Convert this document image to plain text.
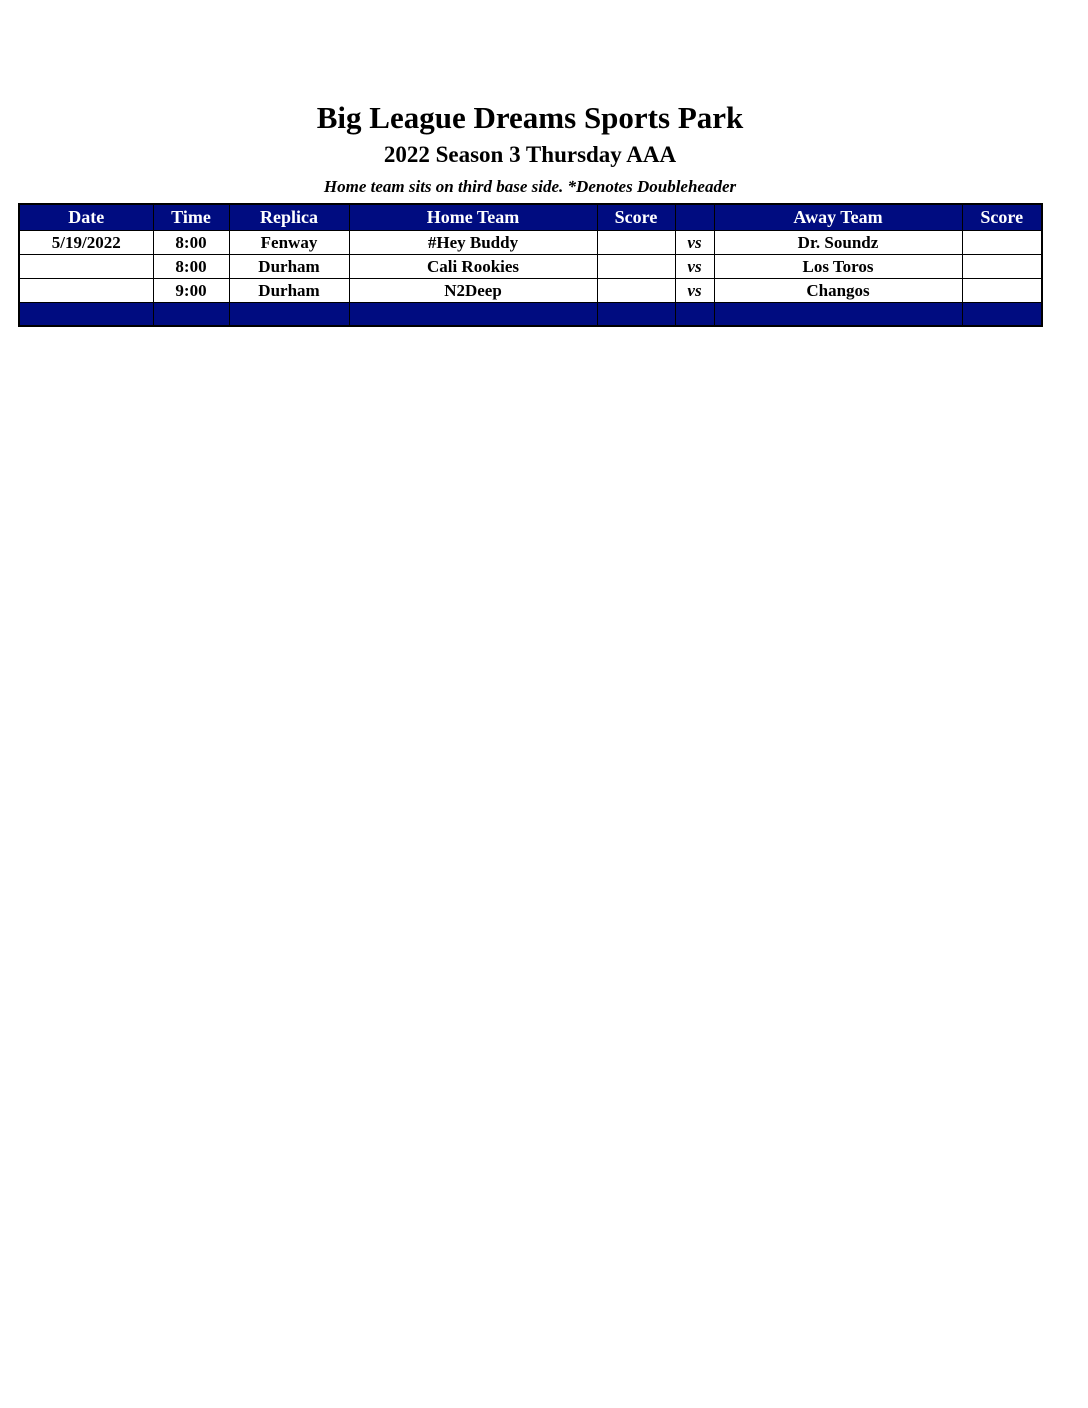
Big League Dreams Sports Park
2022 Season 3 Thursday AAA
Home team sits on third base side. *Denotes Doubleheader
Date	Time	Replica	Home Team	Score		Away Team	Score
5/19/2022	8:00	Fenway	#Hey Buddy		vs	Dr. Soundz	
	8:00	Durham	Cali Rookies		vs	Los Toros	
	9:00	Durham	N2Deep		vs	Changos	
